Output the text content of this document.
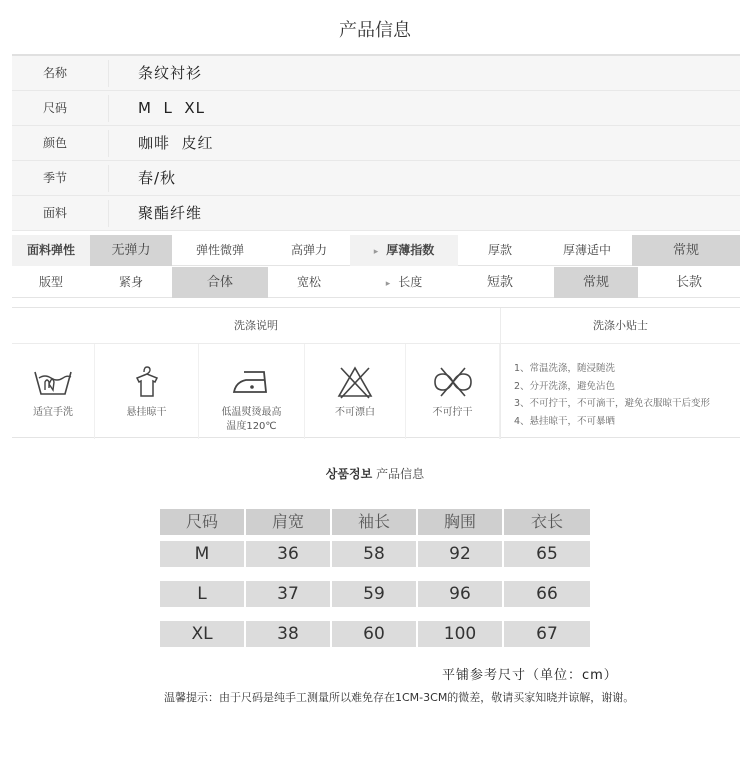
产品信息
名称	条纹衬衫
尺码	M  L  XL
颜色	咖啡  皮红
季节	春/秋
面料	聚酯纤维
面料弹性	无弹力	弹性微弹	高弹力	▸ 厚薄指数	厚款	厚薄适中	常规
版型	紧身	合体	宽松	▸ 长度	短款	常规	长款
洗涤说明	洗涤小贴士
适宜手洗	悬挂晾干	低温熨烫最高
温度120℃
不可漂白	不可拧干
1、常温洗涤，随浸随洗
2、分开洗涤，避免沾色
3、不可拧干，不可滴干，避免衣服晾干后变形
4、悬挂晾干，不可暴晒
상품정보 产品信息
尺码	肩宽	袖长	胸围	衣长
M	36	58	92	65
L	37	59	96	66
XL	38	60	100	67
平铺参考尺寸（单位：cm）
温馨提示：由于尺码是纯手工测量所以难免存在1CM-3CM的微差，敬请买家知晓并谅解，谢谢。
